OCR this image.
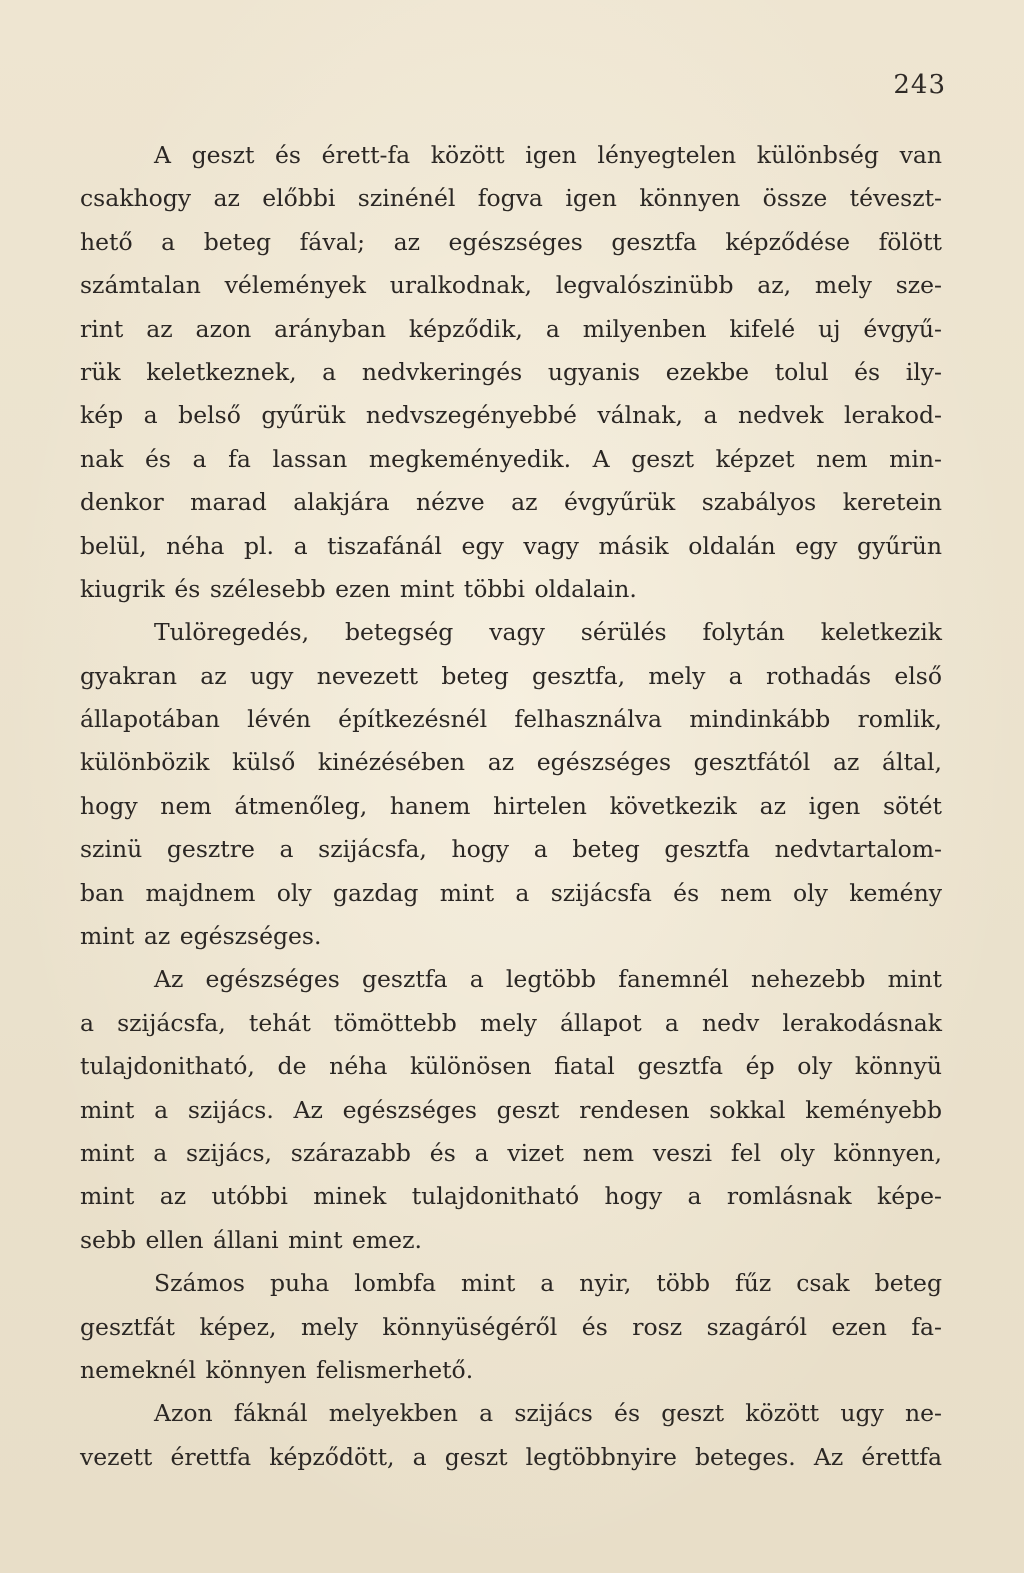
243
A geszt és érett-fa között igen lényegtelen különbség van
csakhogy az előbbi szinénél fogva igen könnyen össze téveszt-
hető a beteg fával; az egészséges gesztfa képződése fölött
számtalan vélemények uralkodnak, legvalószinübb az, mely sze-
rint az azon arányban képződik, a milyenben kifelé uj évgyű-
rük keletkeznek, a nedvkeringés ugyanis ezekbe tolul és ily-
kép a belső gyűrük nedvszegényebbé válnak, a nedvek lerakod-
nak és a fa lassan megkeményedik. A geszt képzet nem min-
denkor marad alakjára nézve az évgyűrük szabályos keretein
belül, néha pl. a tiszafánál egy vagy másik oldalán egy gyűrün
kiugrik és szélesebb ezen mint többi oldalain.
Tulöregedés, betegség vagy sérülés folytán keletkezik
gyakran az ugy nevezett beteg gesztfa, mely a rothadás első
állapotában lévén építkezésnél felhasználva mindinkább romlik,
különbözik külső kinézésében az egészséges gesztfától az által,
hogy nem átmenőleg, hanem hirtelen következik az igen sötét
szinü gesztre a szijácsfa, hogy a beteg gesztfa nedvtartalom-
ban majdnem oly gazdag mint a szijácsfa és nem oly kemény
mint az egészséges.
Az egészséges gesztfa a legtöbb fanemnél nehezebb mint
a szijácsfa, tehát tömöttebb mely állapot a nedv lerakodásnak
tulajdonitható, de néha különösen fiatal gesztfa ép oly könnyü
mint a szijács. Az egészséges geszt rendesen sokkal keményebb
mint a szijács, szárazabb és a vizet nem veszi fel oly könnyen,
mint az utóbbi minek tulajdonitható hogy a romlásnak képe-
sebb ellen állani mint emez.
Számos puha lombfa mint a nyir, több fűz csak beteg
gesztfát képez, mely könnyüségéről és rosz szagáról ezen fa-
nemeknél könnyen felismerhető.
Azon fáknál melyekben a szijács és geszt között ugy ne-
vezett érettfa képződött, a geszt legtöbbnyire beteges. Az érettfa
